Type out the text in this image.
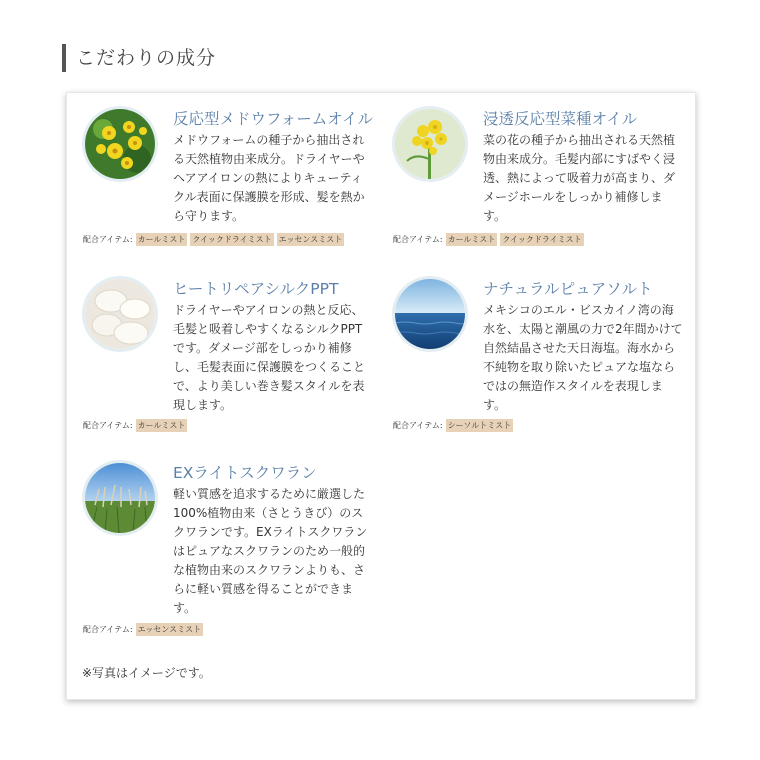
こだわりの成分
反応型メドウフォームオイル
メドウフォームの種子から抽出される天然植物由来成分。ドライヤーやヘアアイロンの熱によりキューティクル表面に保護膜を形成、髪を熱から守ります。
配合アイテム: カールミスト クイックドライミスト エッセンスミスト
浸透反応型菜種オイル
菜の花の種子から抽出される天然植物由来成分。毛髪内部にすばやく浸透、熱によって吸着力が高まり、ダメージホールをしっかり補修します。
配合アイテム: カールミスト クイックドライミスト
ヒートリペアシルクPPT
ドライヤーやアイロンの熱と反応、毛髪と吸着しやすくなるシルクPPTです。ダメージ部をしっかり補修し、毛髪表面に保護膜をつくることで、より美しい巻き髪スタイルを表現します。
配合アイテム: カールミスト
ナチュラルピュアソルト
メキシコのエル・ビスカイノ湾の海水を、太陽と潮風の力で2年間かけて自然結晶させた天日海塩。海水から不純物を取り除いたピュアな塩ならではの無造作スタイルを表現します。
配合アイテム: シーソルトミスト
EXライトスクワラン
軽い質感を追求するために厳選した100%植物由来（さとうきび）のスクワランです。EXライトスクワランはピュアなスクワランのため一般的な植物由来のスクワランよりも、さらに軽い質感を得ることができます。
配合アイテム: エッセンスミスト
※写真はイメージです。
